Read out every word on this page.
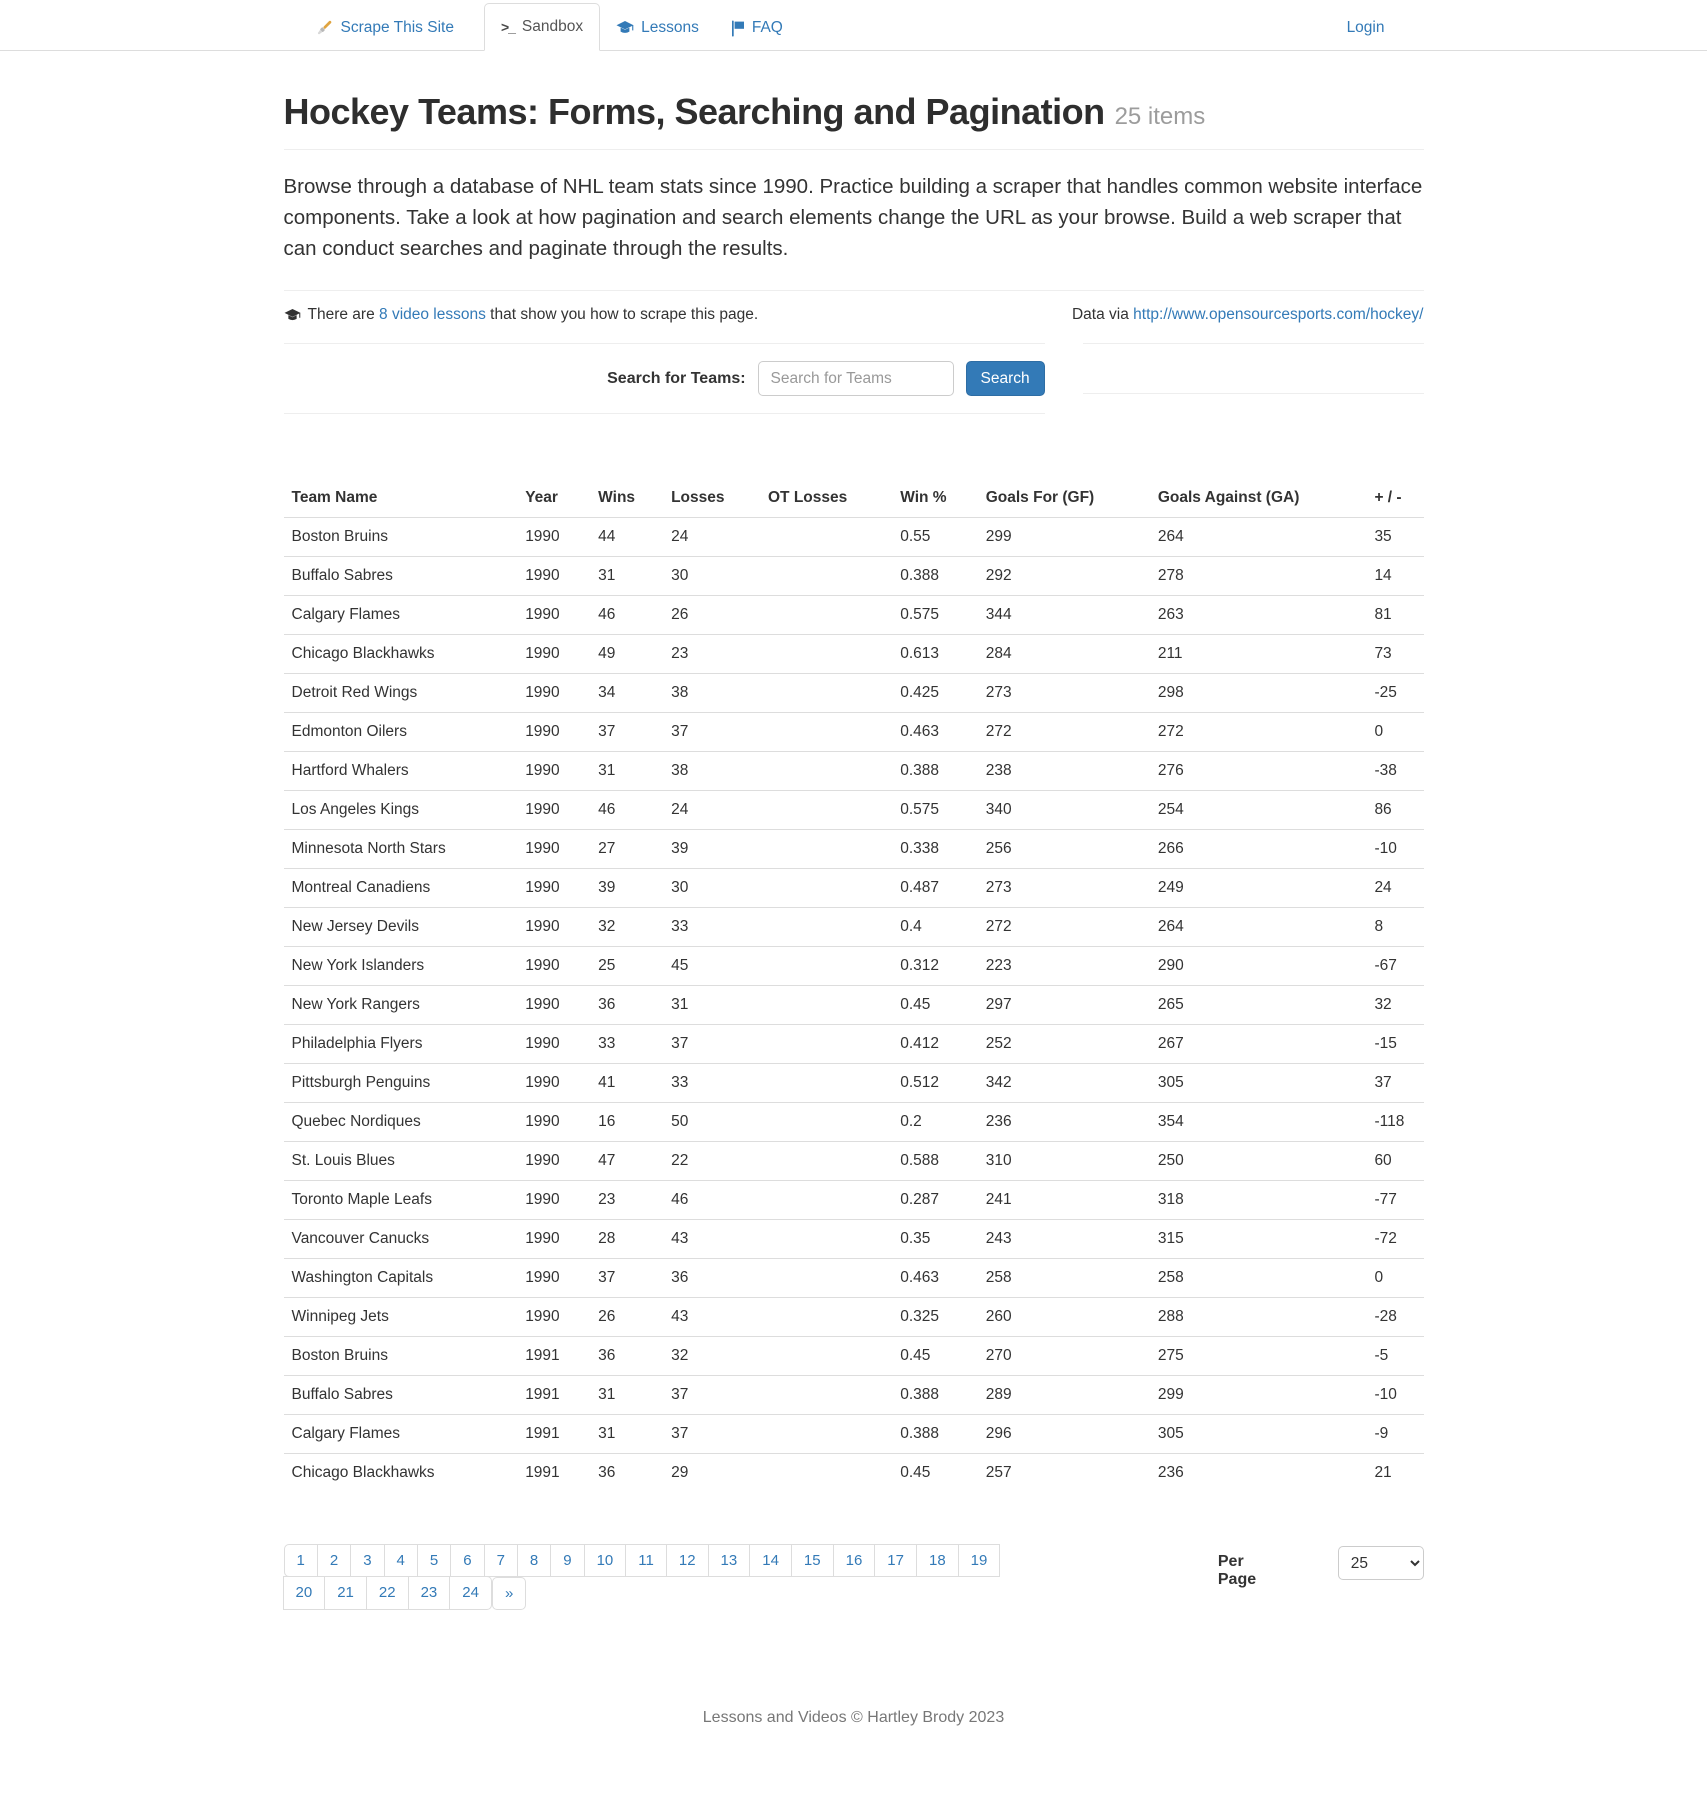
Scrape This Site	>_ Sandbox	Lessons	FAQ	Login
Hockey Teams: Forms, Searching and Pagination 25 items

Browse through a database of NHL team stats since 1990. Practice building a scraper that handles common website interface components. Take a look at how pagination and search elements change the URL as your browse. Build a web scraper that can conduct searches and paginate through the results.

There are 8 video lessons that show you how to scrape this page.	Data via http://www.opensourcesports.com/hockey/
Search for Teams:
Search for Teams	Search
Team Name	Year	Wins	Losses	OT Losses	Win %	Goals For (GF)	Goals Against (GA)	+ / -
Boston Bruins	1990	44	24		0.55	299	264	35
Buffalo Sabres	1990	31	30		0.388	292	278	14
Calgary Flames	1990	46	26		0.575	344	263	81
Chicago Blackhawks	1990	49	23		0.613	284	211	73
Detroit Red Wings	1990	34	38		0.425	273	298	-25
Edmonton Oilers	1990	37	37		0.463	272	272	0
Hartford Whalers	1990	31	38		0.388	238	276	-38
Los Angeles Kings	1990	46	24		0.575	340	254	86
Minnesota North Stars	1990	27	39		0.338	256	266	-10
Montreal Canadiens	1990	39	30		0.487	273	249	24
New Jersey Devils	1990	32	33		0.4	272	264	8
New York Islanders	1990	25	45		0.312	223	290	-67
New York Rangers	1990	36	31		0.45	297	265	32
Philadelphia Flyers	1990	33	37		0.412	252	267	-15
Pittsburgh Penguins	1990	41	33		0.512	342	305	37
Quebec Nordiques	1990	16	50		0.2	236	354	-118
St. Louis Blues	1990	47	22		0.588	310	250	60
Toronto Maple Leafs	1990	23	46		0.287	241	318	-77
Vancouver Canucks	1990	28	43		0.35	243	315	-72
Washington Capitals	1990	37	36		0.463	258	258	0
Winnipeg Jets	1990	26	43		0.325	260	288	-28
Boston Bruins	1991	36	32		0.45	270	275	-5
Buffalo Sabres	1991	31	37		0.388	289	299	-10
Calgary Flames	1991	31	37		0.388	296	305	-9
Chicago Blackhawks	1991	36	29		0.45	257	236	21
1	2	3	4	5	6	7	8	9	10	11	12	13	14	15	16	17	18	19
20	21	22	23	24	»
Per Page
25
Lessons and Videos © Hartley Brody 2023
